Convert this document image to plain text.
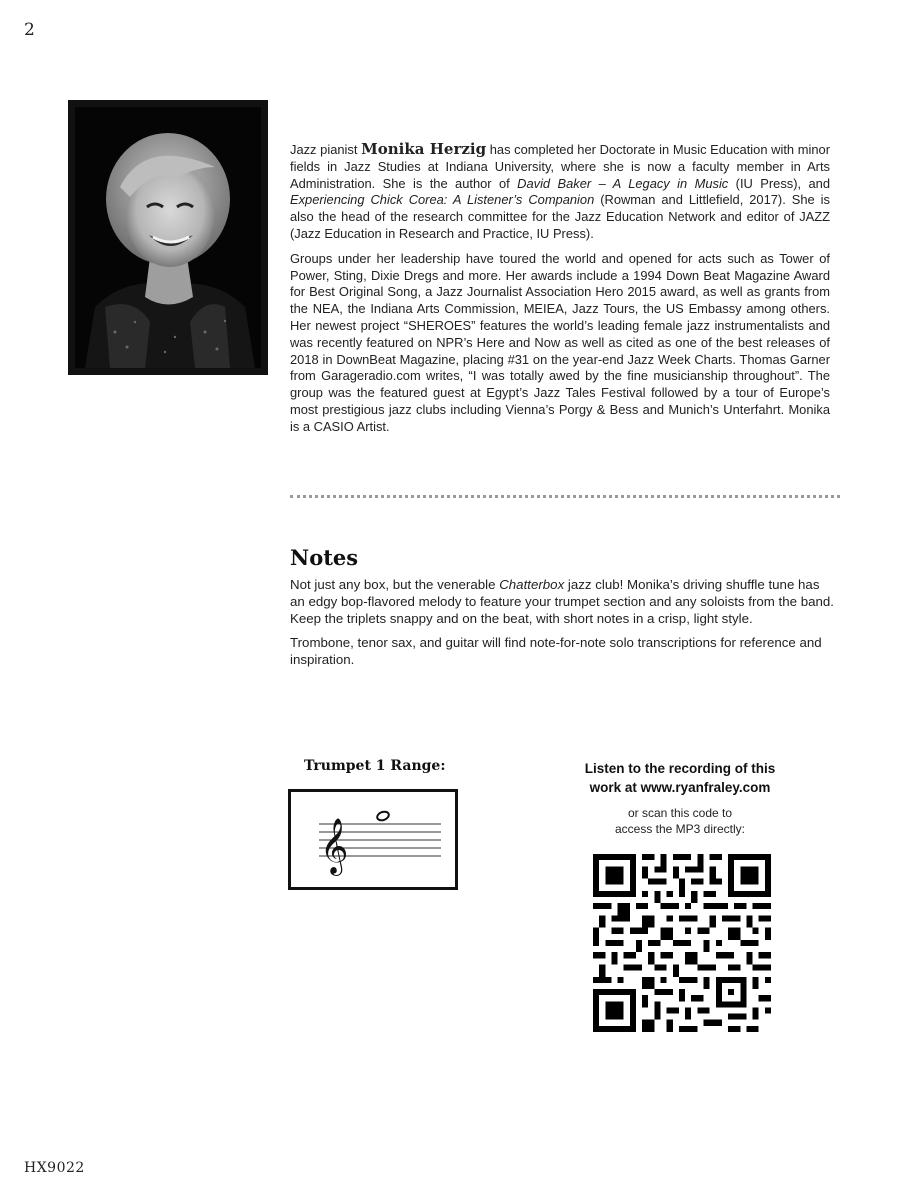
2

Jazz pianist Monika Herzig has completed her Doctorate in Music Education with minor fields in Jazz Studies at Indiana University, where she is now a faculty member in Arts Administration. She is the author of David Baker – A Legacy in Music (IU Press), and Experiencing Chick Corea: A Listener’s Companion (Rowman and Littlefield, 2017). She is also the head of the research committee for the Jazz Education Network and editor of JAZZ (Jazz Education in Research and Practice, IU Press).

Groups under her leadership have toured the world and opened for acts such as Tower of Power, Sting, Dixie Dregs and more. Her awards include a 1994 Down Beat Magazine Award for Best Original Song, a Jazz Journalist Association Hero 2015 award, as well as grants from the NEA, the Indiana Arts Commission, MEIEA, Jazz Tours, the US Embassy among others. Her newest project “SHEROES” features the world’s leading female jazz instrumentalists and was recently featured on NPR’s Here and Now as well as cited as one of the best releases of 2018 in DownBeat Magazine, placing #31 on the year-end Jazz Week Charts. Thomas Garner from Garageradio.com writes, “I was totally awed by the fine musicianship throughout”. The group was the featured guest at Egypt’s Jazz Tales Festival followed by a tour of Europe’s most prestigious jazz clubs including Vienna’s Porgy & Bess and Munich’s Unterfahrt. Monika is a CASIO Artist.

Notes

Not just any box, but the venerable Chatterbox jazz club! Monika’s driving shuffle tune has an edgy bop-flavored melody to feature your trumpet section and any soloists from the band. Keep the triplets snappy and on the beat, with short notes in a crisp, light style.

Trombone, tenor sax, and guitar will find note-for-note solo transcriptions for reference and inspiration.

Trumpet 1 Range:
𝄞
Listen to the recording of this
work at www.ryanfraley.com
or scan this code to
access the MP3 directly:
HX9022
